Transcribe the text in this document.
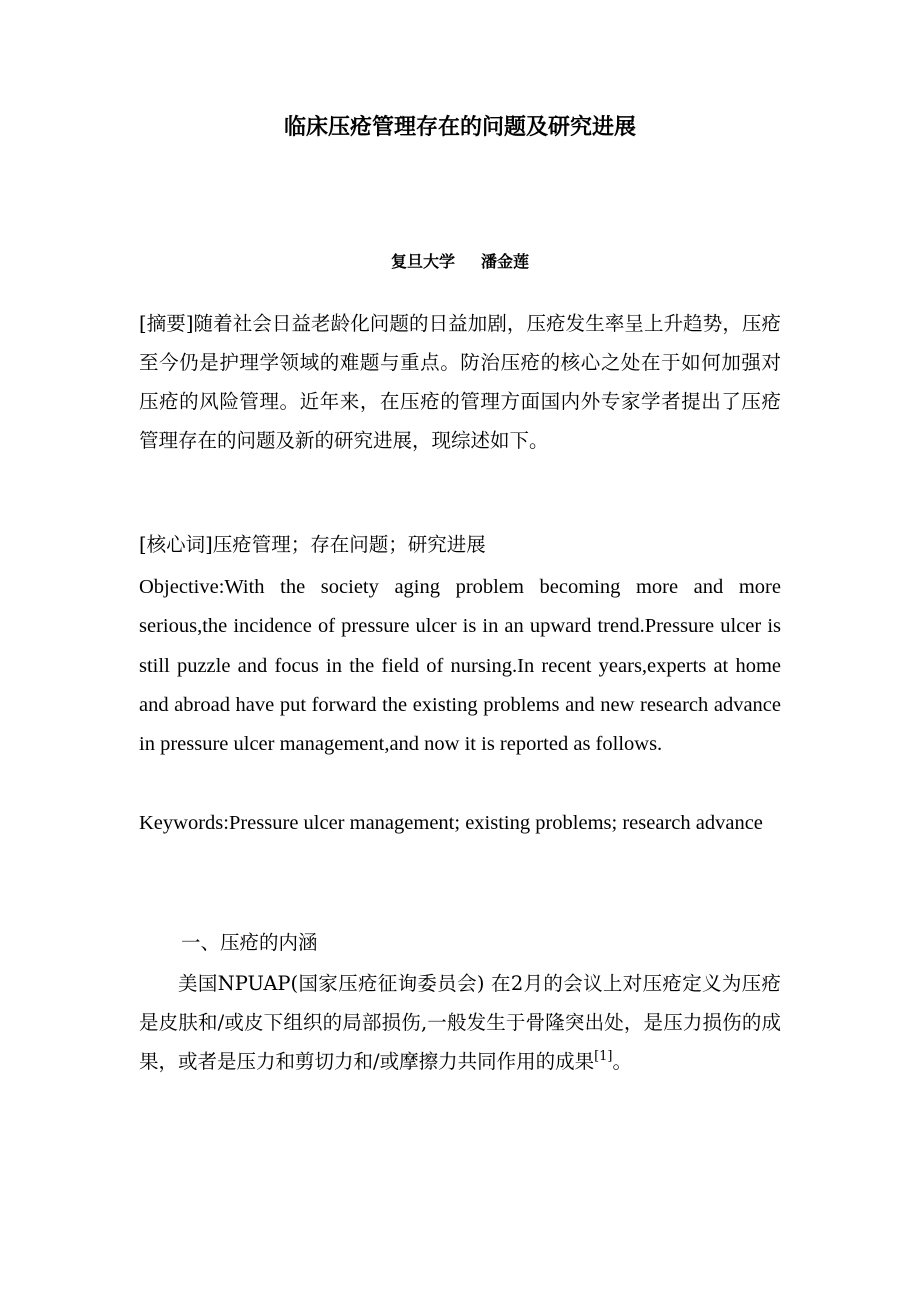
临床压疮管理存在的问题及研究进展
复旦大学 潘金莲
[摘要]随着社会日益老龄化问题的日益加剧，压疮发生率呈上升趋势，压疮至今仍是护理学领域的难题与重点。防治压疮的核心之处在于如何加强对压疮的风险管理。近年来，在压疮的管理方面国内外专家学者提出了压疮管理存在的问题及新的研究进展，现综述如下。
[核心词]压疮管理；存在问题；研究进展
Objective:With the society aging problem becoming more and more serious,the incidence of pressure ulcer is in an upward trend.Pressure ulcer is still puzzle and focus in the field of nursing.In recent years,experts at home and abroad have put forward the existing problems and new research advance in pressure ulcer management,and now it is reported as follows.
Keywords:Pressure ulcer management; existing problems; research advance
一、压疮的内涵
美国NPUAP(国家压疮征询委员会) 在2月的会议上对压疮定义为压疮是皮肤和/或皮下组织的局部损伤,一般发生于骨隆突出处，是压力损伤的成果，或者是压力和剪切力和/或摩擦力共同作用的成果[1]。
